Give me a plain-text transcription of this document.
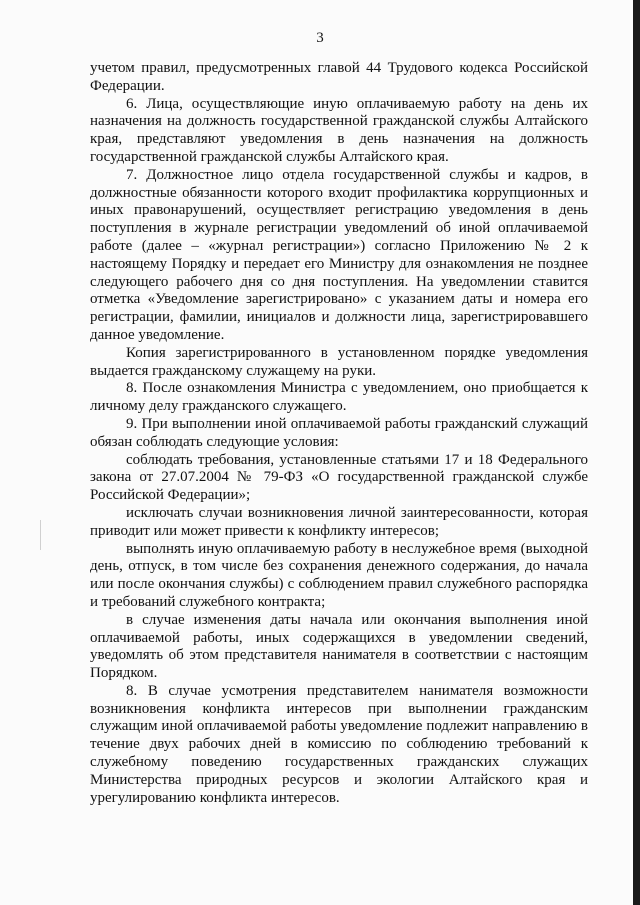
3

учетом правил, предусмотренных главой 44 Трудового кодекса Российской Федерации.

6. Лица, осуществляющие иную оплачиваемую работу на день их назначения на должность государственной гражданской службы Алтайского края, представляют уведомления в день назначения на должность государственной гражданской службы Алтайского края.

7. Должностное лицо отдела государственной службы и кадров, в должностные обязанности которого входит профилактика коррупционных и иных правонарушений, осуществляет регистрацию уведомления в день поступления в журнале регистрации уведомлений об иной оплачиваемой работе (далее – «журнал регистрации») согласно Приложению № 2 к настоящему Порядку и передает его Министру для ознакомления не позднее следующего рабочего дня со дня поступления. На уведомлении ставится отметка «Уведомление зарегистрировано» с указанием даты и номера его регистрации, фамилии, инициалов и должности лица, зарегистрировавшего данное уведомление.

Копия зарегистрированного в установленном порядке уведомления выдается гражданскому служащему на руки.

8. После ознакомления Министра с уведомлением, оно приобщается к личному делу гражданского служащего.

9. При выполнении иной оплачиваемой работы гражданский служащий обязан соблюдать следующие условия:

соблюдать требования, установленные статьями 17 и 18 Федерального закона от 27.07.2004 № 79-ФЗ «О государственной гражданской службе Российской Федерации»;

исключать случаи возникновения личной заинтересованности, которая приводит или может привести к конфликту интересов;

выполнять иную оплачиваемую работу в неслужебное время (выходной день, отпуск, в том числе без сохранения денежного содержания, до начала или после окончания службы) с соблюдением правил служебного распорядка и требований служебного контракта;

в случае изменения даты начала или окончания выполнения иной оплачиваемой работы, иных содержащихся в уведомлении сведений, уведомлять об этом представителя нанимателя в соответствии с настоящим Порядком.

8. В случае усмотрения представителем нанимателя возможности возникновения конфликта интересов при выполнении гражданским служащим иной оплачиваемой работы уведомление подлежит направлению в течение двух рабочих дней в комиссию по соблюдению требований к служебному поведению государственных гражданских служащих Министерства природных ресурсов и экологии Алтайского края и урегулированию конфликта интересов.
